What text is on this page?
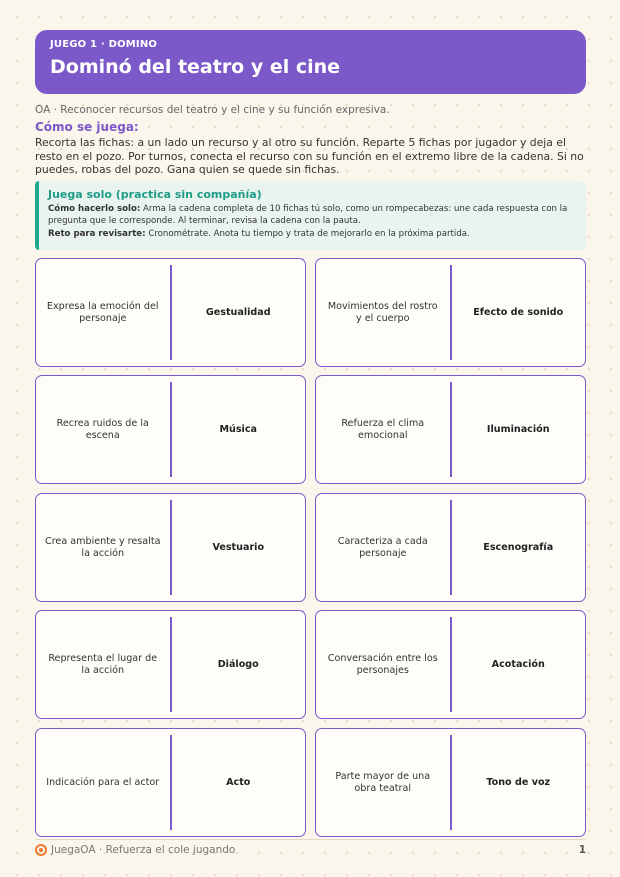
JUEGO 1 · DOMINO
Dominó del teatro y el cine
OA · Reconocer recursos del teatro y el cine y su función expresiva.
Cómo se juega:
Recorta las fichas: a un lado un recurso y al otro su función. Reparte 5 fichas por jugador y deja el resto en el pozo. Por turnos, conecta el recurso con su función en el extremo libre de la cadena. Si no puedes, robas del pozo. Gana quien se quede sin fichas.
Juega solo (practica sin compañía)

Cómo hacerlo solo: Arma la cadena completa de 10 fichas tú solo, como un rompecabezas: une cada respuesta con la pregunta que le corresponde. Al terminar, revisa la cadena con la pauta.

Reto para revisarte: Cronométrate. Anota tu tiempo y trata de mejorarlo en la próxima partida.

Expresa la emoción del personaje
Gestualidad
Movimientos del rostro y el cuerpo
Efecto de sonido
Recrea ruidos de la escena
Música
Refuerza el clima emocional
Iluminación
Crea ambiente y resalta la acción
Vestuario
Caracteriza a cada personaje
Escenografía
Representa el lugar de la acción
Diálogo
Conversación entre los personajes
Acotación
Indicación para el actor	Acto
Parte mayor de una obra teatral
Tono de voz
JuegaOA · Refuerza el cole jugando	1
